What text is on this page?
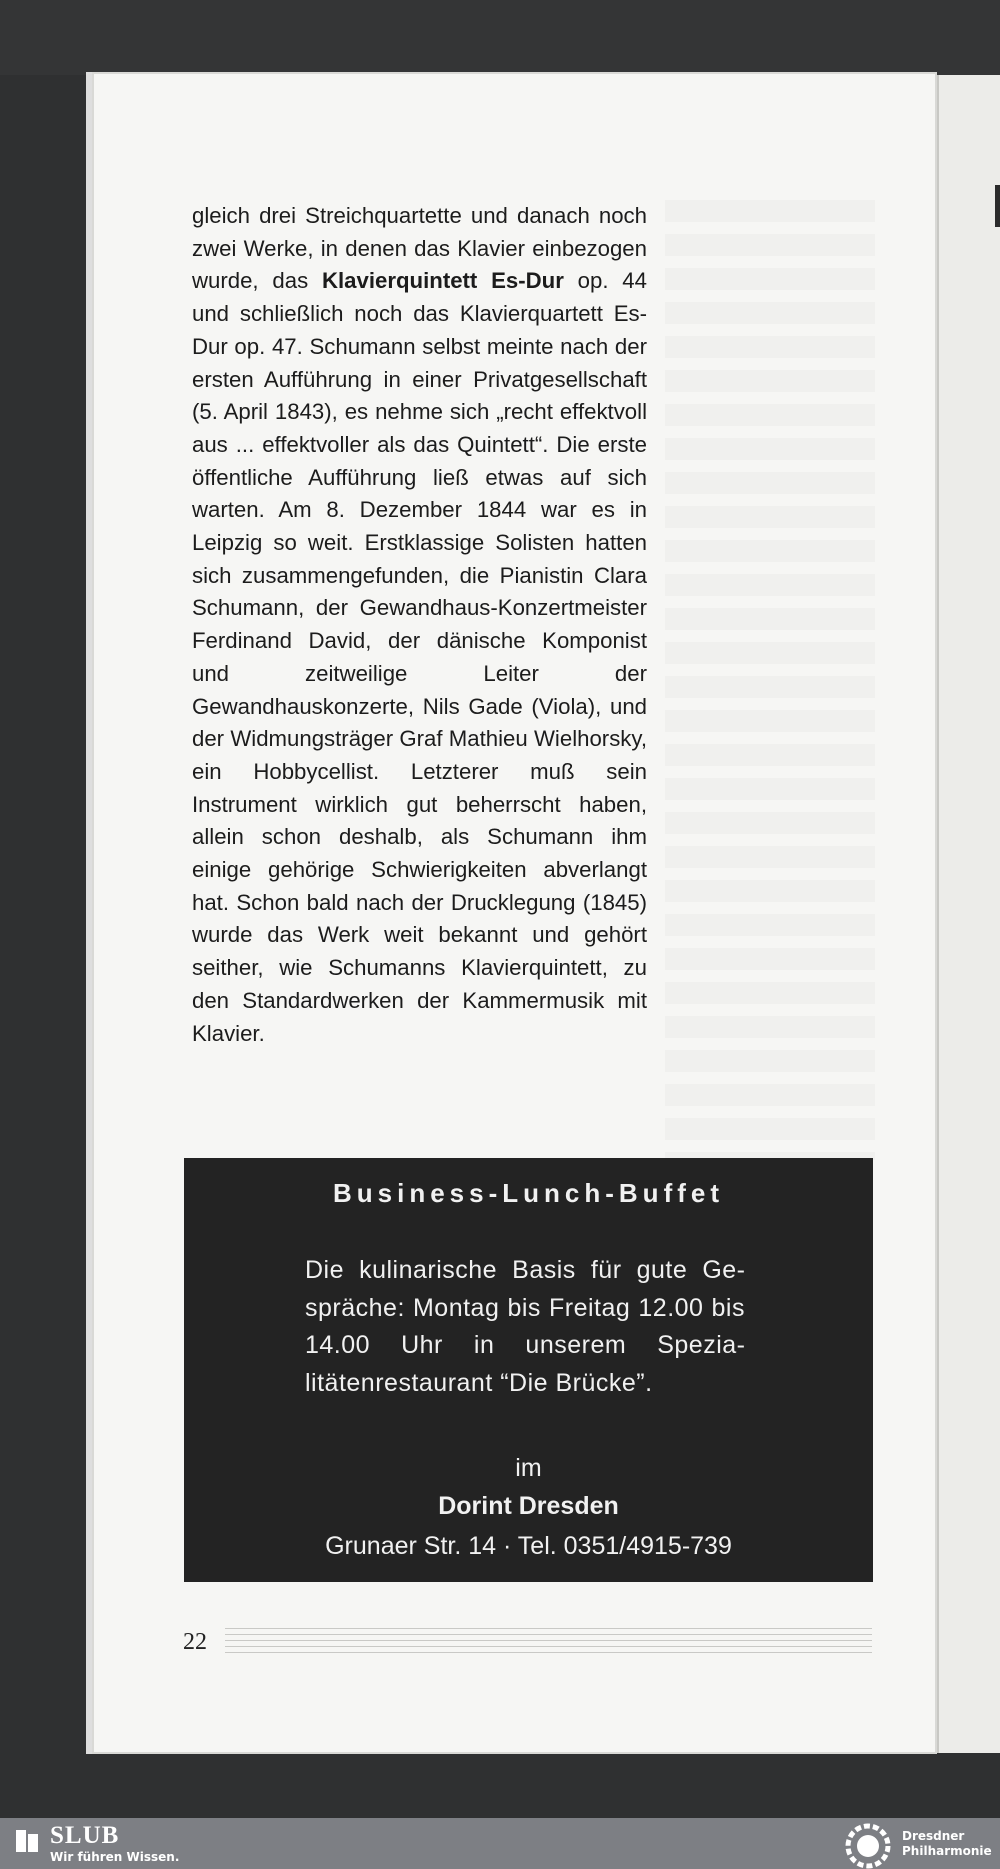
gleich drei Streichquartette und danach noch zwei Werke, in denen das Klavier einbezogen wurde, das Klavierquintett Es-Dur op. 44 und schließlich noch das Klavierquartett Es-Dur op. 47. Schumann selbst meinte nach der ersten Aufführung in einer Privatgesellschaft (5. April 1843), es nehme sich „recht effektvoll aus ... effektvoller als das Quintett“. Die erste öffentliche Aufführung ließ etwas auf sich warten. Am 8. Dezember 1844 war es in Leipzig so weit. Erstklassige Solisten hatten sich zusammengefunden, die Pianistin Clara Schumann, der Gewandhaus-Konzertmeister Ferdinand David, der dänische Komponist und zeitweilige Leiter der Gewandhauskonzerte, Nils Gade (Viola), und der Widmungsträger Graf Mathieu Wielhorsky, ein Hobbycellist. Letzterer muß sein Instrument wirklich gut beherrscht haben, allein schon deshalb, als Schumann ihm einige gehörige Schwierigkeiten abverlangt hat. Schon bald nach der Drucklegung (1845) wurde das Werk weit bekannt und gehört seither, wie Schumanns Klavierquintett, zu den Standardwerken der Kammermusik mit Klavier.
Business-Lunch-Buffet
Die kulinarische Basis für gute Gespräche: Montag bis Freitag 12.00 bis 14.00 Uhr in unserem Spezialitätenrestaurant “Die Brücke”.
im
Dorint Dresden
Grunaer Str. 14 · Tel. 0351/4915-739
22
SLUB
Wir führen Wissen.
Dresdner
Philharmonie
